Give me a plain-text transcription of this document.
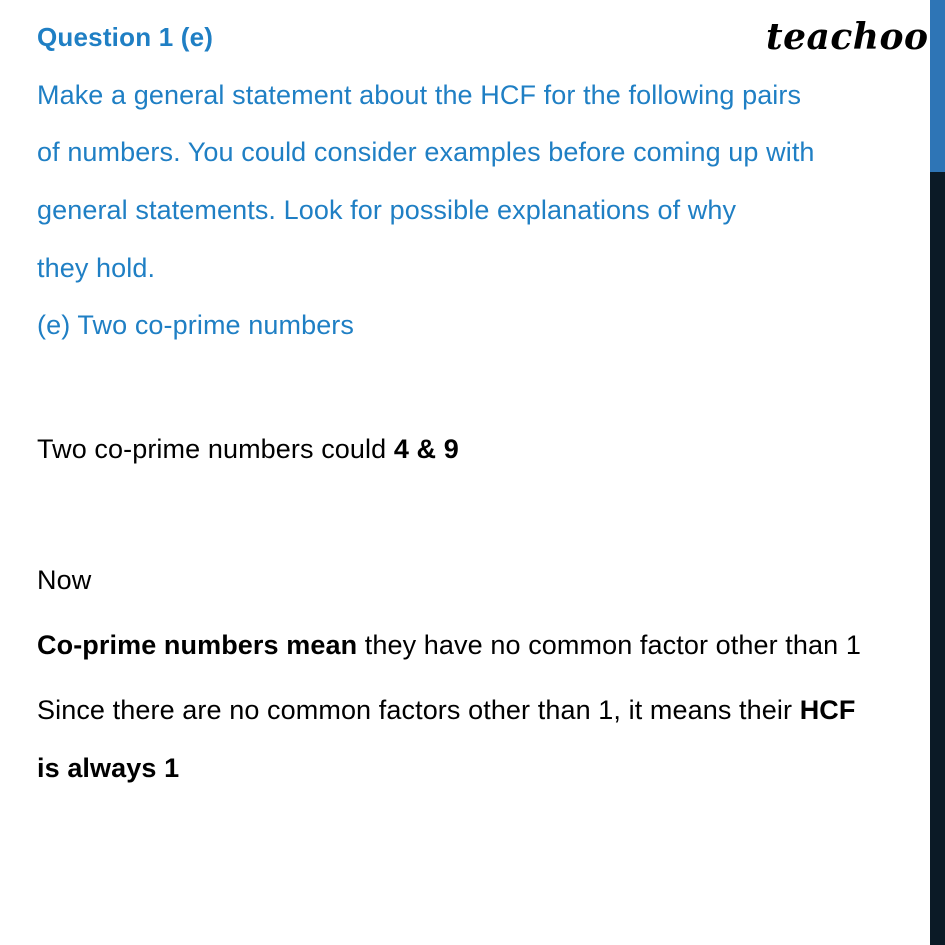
teachoo
Question 1 (e)
Make a general statement about the HCF for the following pairs
of numbers. You could consider examples before coming up with
general statements. Look for possible explanations of why
they hold.
(e) Two co-prime numbers
Two co-prime numbers could 4 & 9
Now
Co-prime numbers mean they have no common factor other than 1
Since there are no common factors other than 1, it means their HCF
is always 1
